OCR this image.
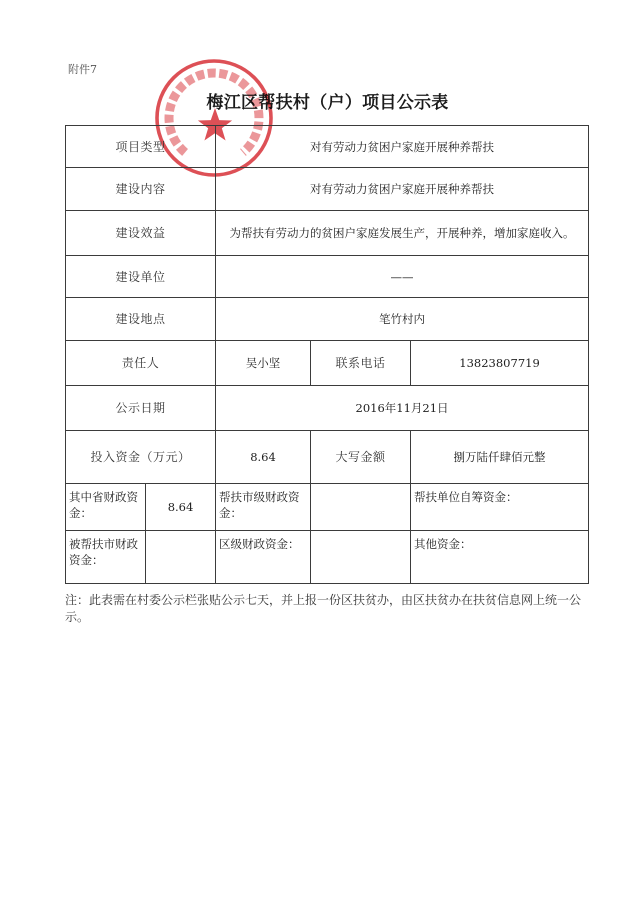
附件7
梅江区帮扶村（户）项目公示表
项目类型		对有劳动力贫困户家庭开展种养帮扶		
建设内容		对有劳动力贫困户家庭开展种养帮扶		
建设效益		为帮扶有劳动力的贫困户家庭发展生产，开展种养，增加家庭收入。		
建设单位		——		
建设地点		笔竹村内		
责任人		吴小坚	联系电话	13823807719
公示日期		2016年11月21日		
投入资金（万元）		8.64	大写金额	捌万陆仟肆佰元整
其中省财政资金：	8.64	帮扶市级财政资金：		帮扶单位自筹资金：
被帮扶市财政资金：		区级财政资金：		其他资金：
注：此表需在村委公示栏张贴公示七天，并上报一份区扶贫办，由区扶贫办在扶贫信息网上统一公示。
